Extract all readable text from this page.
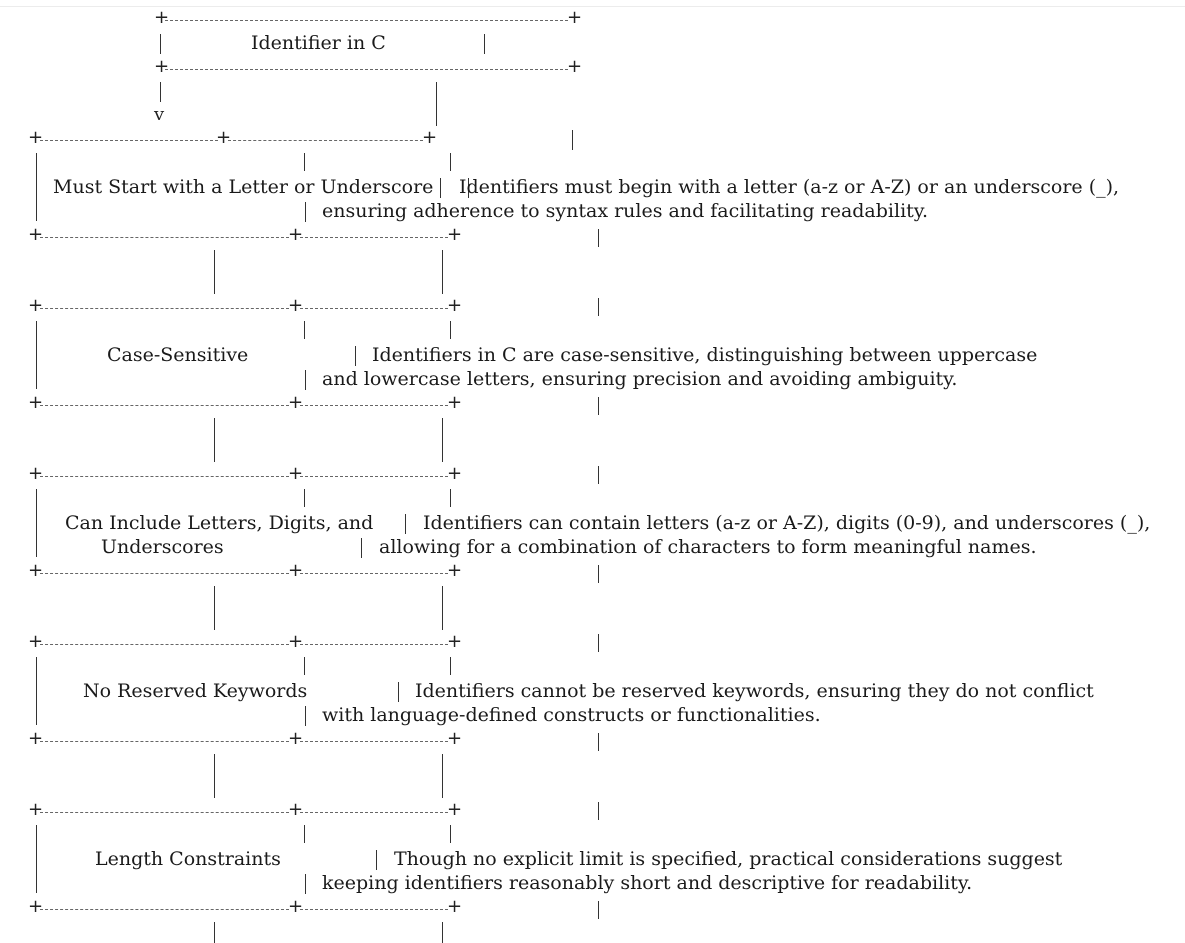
+	+
Identifier in C
+	+
v
+	+	+
Must Start with a Letter or Underscore Identifiers must begin with a letter (a-z or A-Z) or an underscore (_),
ensuring adherence to syntax rules and facilitating readability.
+	+	+
+	+	+
Case-Sensitive	Identifiers in C are case-sensitive, distinguishing between uppercase
and lowercase letters, ensuring precision and avoiding ambiguity.
+	+	+
+	+	+
Can Include Letters, Digits, and	Identifiers can contain letters (a-z or A-Z), digits (0-9), and underscores (_),
Underscores	allowing for a combination of characters to form meaningful names.
+	+	+
+	+	+
No Reserved Keywords	Identifiers cannot be reserved keywords, ensuring they do not conflict
with language-defined constructs or functionalities.
+	+	+
+	+	+
Length Constraints	Though no explicit limit is specified, practical considerations suggest
keeping identifiers reasonably short and descriptive for readability.
+	+	+
